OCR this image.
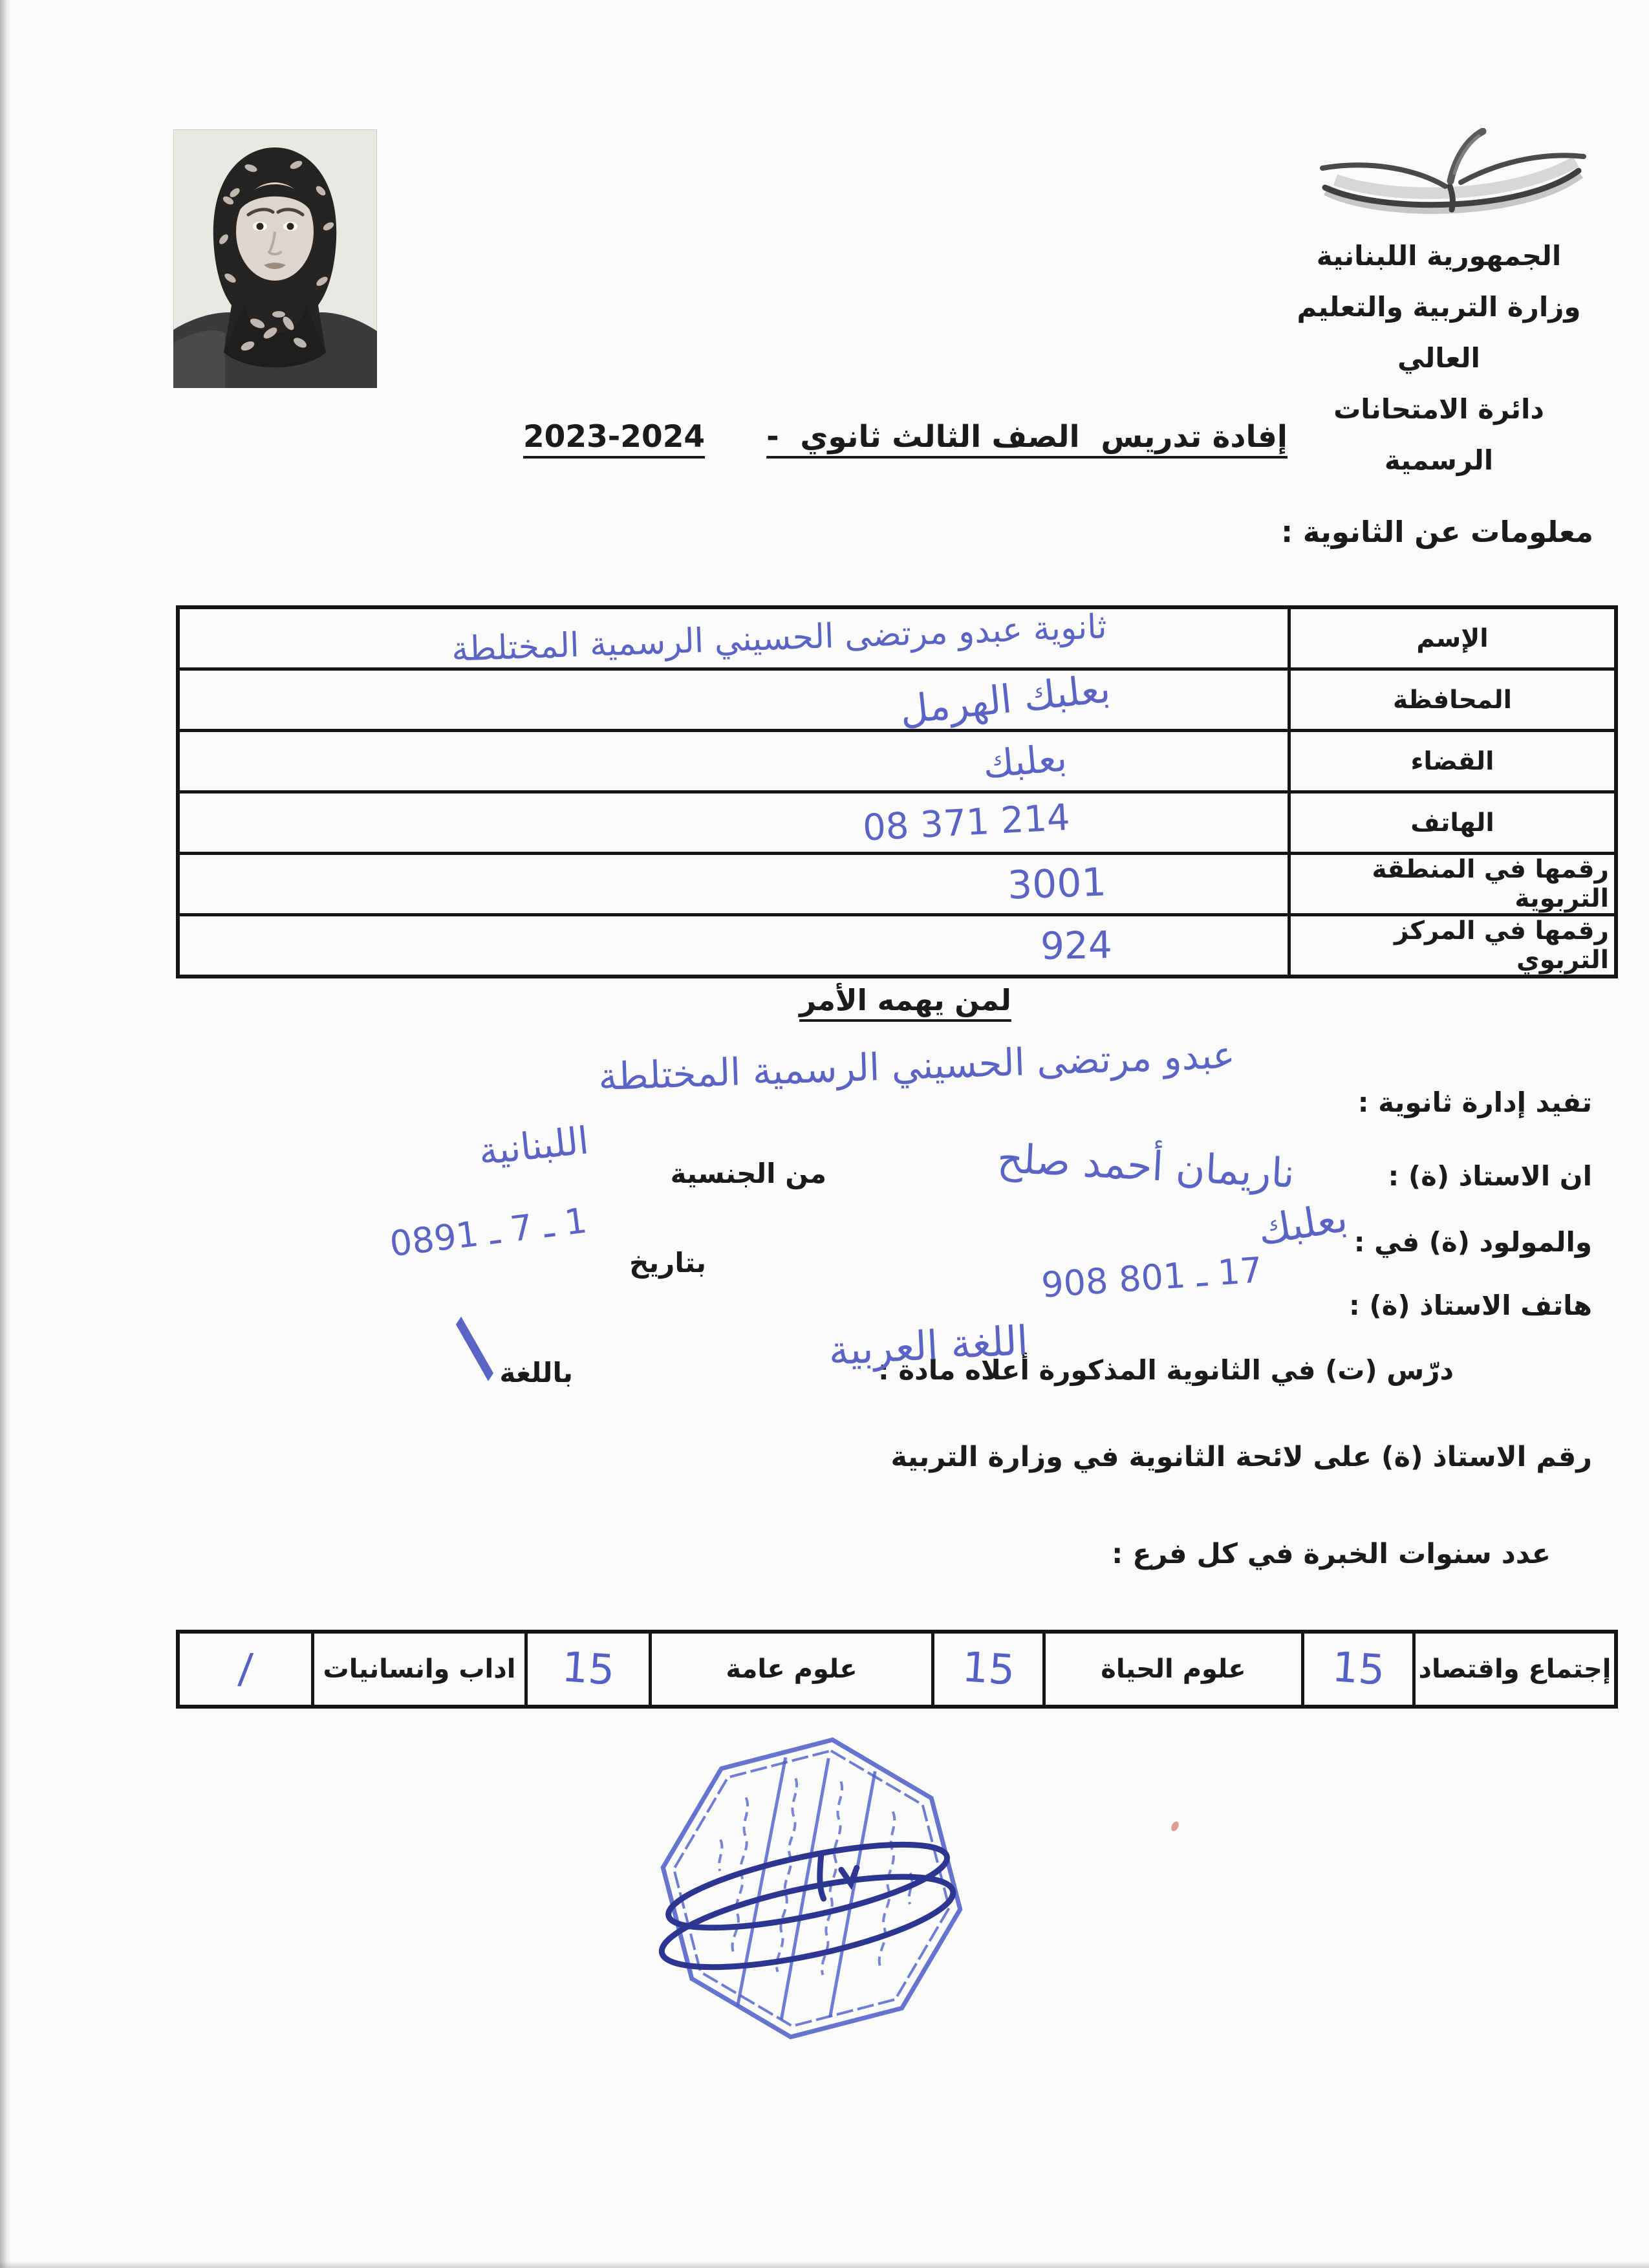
الجمهورية اللبنانية
وزارة التربية والتعليم العالي
دائرة الامتحانات الرسمية
إفادة تدريس  الصف الثالث ثانوي  -2023-2024
معلومات عن الثانوية :
الإسم
ثانوية عبدو مرتضى الحسيني الرسمية المختلطة
المحافظة
بعلبك الهرمل
القضاء
بعلبك
الهاتف
08 371 214
رقمها في المنطقة التربوية
3001
رقمها في المركز التربوي
924
لمن يهمه الأمر
تفيد إدارة ثانوية :
عبدو مرتضى الحسيني الرسمية المختلطة
ان الاستاذ (ة) :
ناريمان أحمد صلح
من الجنسية
اللبنانية
والمولود (ة) في :
بعلبك
بتاريخ
1 ـ 7 ـ 1980
هاتف الاستاذ (ة) :
71 ـ 108 809
درّس (ت) في الثانوية المذكورة أعلاه مادة :
اللغة العربية
باللغة
/
رقم الاستاذ (ة) على لائحة الثانوية في وزارة التربية
عدد سنوات الخبرة في كل فرع :
إجتماع واقتصاد
15
علوم الحياة
15
علوم عامة
15
اداب وانسانيات
/
